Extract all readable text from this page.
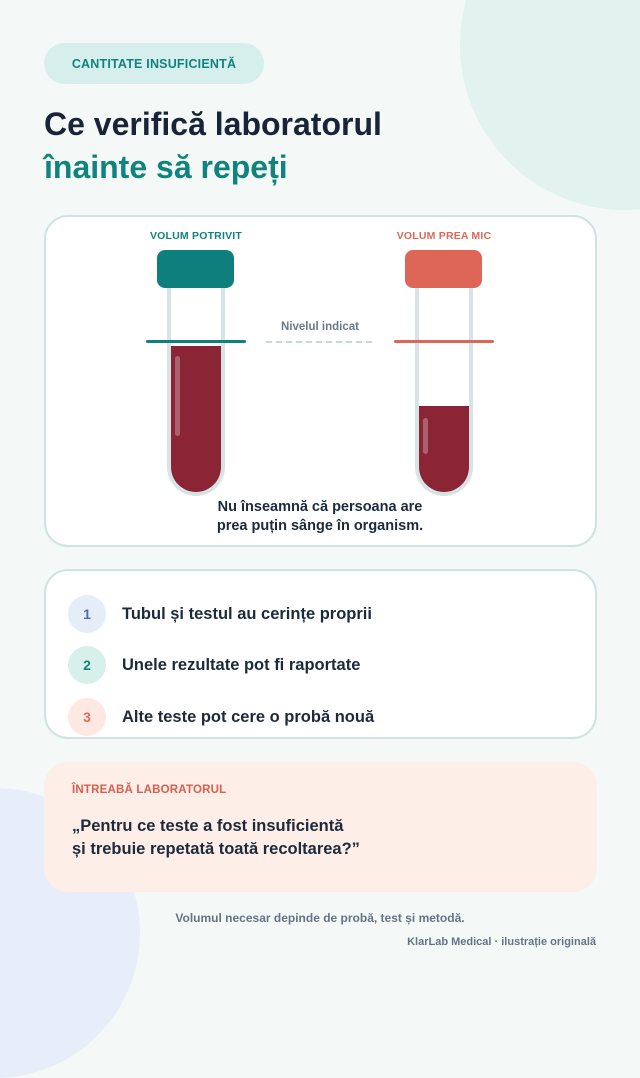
CANTITATE INSUFICIENTĂ
Ce verifică laboratorul
înainte să repeți
VOLUM POTRIVIT	VOLUM PREA MIC
Nivelul indicat
Nu înseamnă că persoana are
prea puțin sânge în organism.
1	Tubul și testul au cerințe proprii
2	Unele rezultate pot fi raportate
3	Alte teste pot cere o probă nouă
ÎNTREABĂ LABORATORUL
„Pentru ce teste a fost insuficientă
și trebuie repetată toată recoltarea?”
Volumul necesar depinde de probă, test și metodă.
KlarLab Medical · ilustrație originală
